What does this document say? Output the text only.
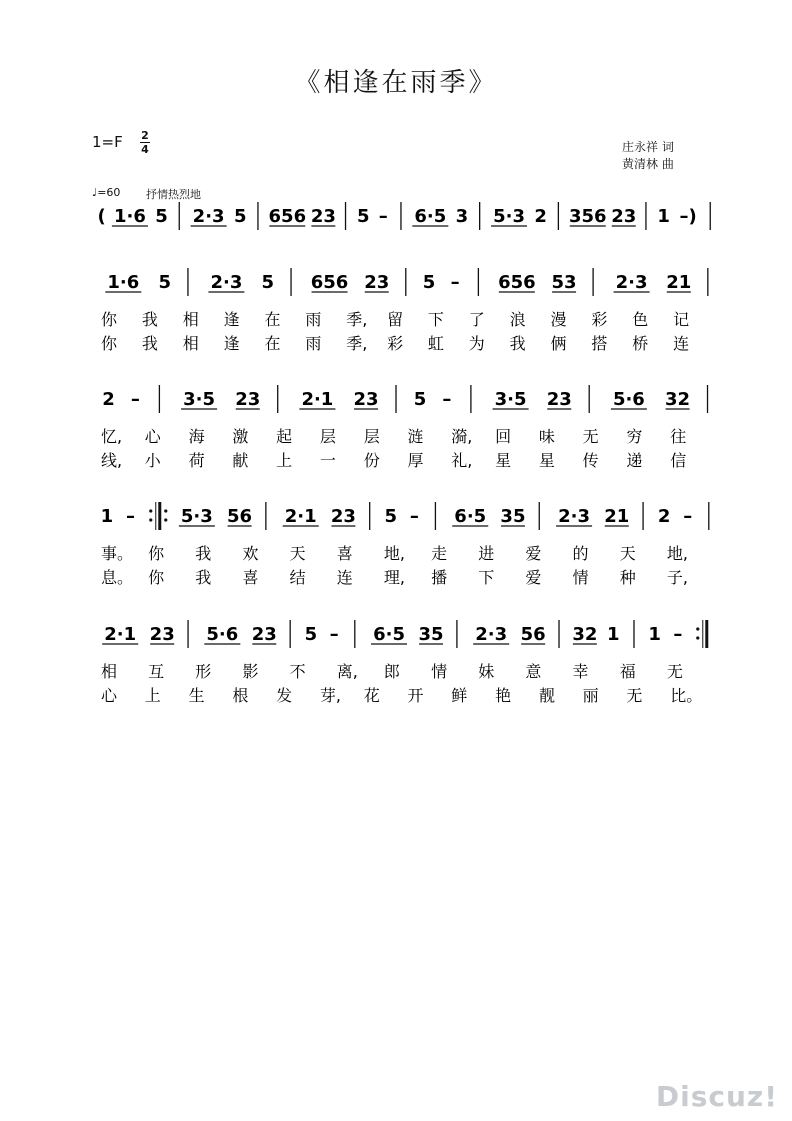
《相逢在雨季》
1=F 2
4	庄永祥 词
黄清林 曲
♩=60 抒情热烈地
( 1·6 5 2·3 5 656 23 5 – 6·5 3 5·3 2 356 23 1 –)
1·6 5 2·3 5 656 23 5 – 656 53 2·3 21
你 我 相 逢 在 雨 季, 留 下 了 浪 漫 彩 色 记
你 我 相 逢 在 雨 季, 彩 虹 为 我 俩 搭 桥 连
2 – 3·5 23 2·1 23 5 – 3·5 23 5·6 32
忆, 心 海 激 起 层 层 涟 漪, 回 味 无 穷 往
线, 小 荷 献 上 一 份 厚 礼, 星 星 传 递 信
1 –	5·3 56 2·1 23 5 – 6·5 35 2·3 21 2 –
事。 你 我 欢 天 喜 地, 走 进 爱 的 天 地,
息。 你 我 喜 结 连 理, 播 下 爱 情 种 子,
2·1 23 5·6 23 5 – 6·5 35 2·3 56 32 1 1 –
相 互 形 影 不 离, 郎 情 妹 意 幸 福 无
心 上 生 根 发 芽, 花 开 鲜 艳 靓 丽 无 比。
Discuz!
